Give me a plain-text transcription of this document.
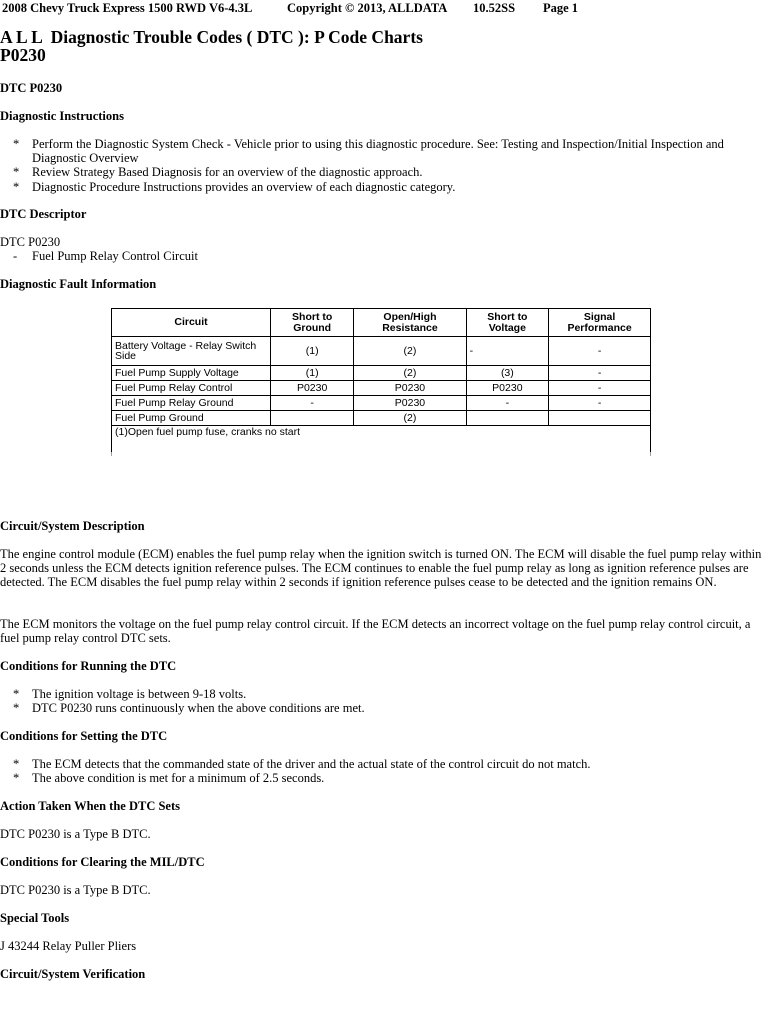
2008 Chevy Truck Express 1500 RWD V6-4.3L	Copyright © 2013, ALLDATA 10.52SS Page 1
A L L  Diagnostic Trouble Codes ( DTC ): P Code Charts
P0230
DTC P0230
Diagnostic Instructions
* Perform the Diagnostic System Check - Vehicle prior to using this diagnostic procedure. See: Testing and Inspection/Initial Inspection and Diagnostic Overview
* Review Strategy Based Diagnosis for an overview of the diagnostic approach.
* Diagnostic Procedure Instructions provides an overview of each diagnostic category.
DTC Descriptor

DTC P0230

- Fuel Pump Relay Control Circuit
Diagnostic Fault Information
Circuit	Short to Ground	Open/High Resistance	Short to Voltage	Signal Performance
Battery Voltage - Relay Switch Side	(1)	(2)	-	-
Fuel Pump Supply Voltage	(1)	(2)	(3)	-
Fuel Pump Relay Control	P0230	P0230	P0230	-
Fuel Pump Relay Ground	-	P0230	-	-
Fuel Pump Ground		(2)		
(1)Open fuel pump fuse, cranks no start				
Circuit/System Description

The engine control module (ECM) enables the fuel pump relay when the ignition switch is turned ON. The ECM will disable the fuel pump relay within 2 seconds unless the ECM detects ignition reference pulses. The ECM continues to enable the fuel pump relay as long as ignition reference pulses are detected. The ECM disables the fuel pump relay within 2 seconds if ignition reference pulses cease to be detected and the ignition remains ON.

The ECM monitors the voltage on the fuel pump relay control circuit. If the ECM detects an incorrect voltage on the fuel pump relay control circuit, a fuel pump relay control DTC sets.

Conditions for Running the DTC
* The ignition voltage is between 9-18 volts.
* DTC P0230 runs continuously when the above conditions are met.
Conditions for Setting the DTC
* The ECM detects that the commanded state of the driver and the actual state of the control circuit do not match.
* The above condition is met for a minimum of 2.5 seconds.
Action Taken When the DTC Sets

DTC P0230 is a Type B DTC.

Conditions for Clearing the MIL/DTC

DTC P0230 is a Type B DTC.

Special Tools

J 43244 Relay Puller Pliers

Circuit/System Verification
